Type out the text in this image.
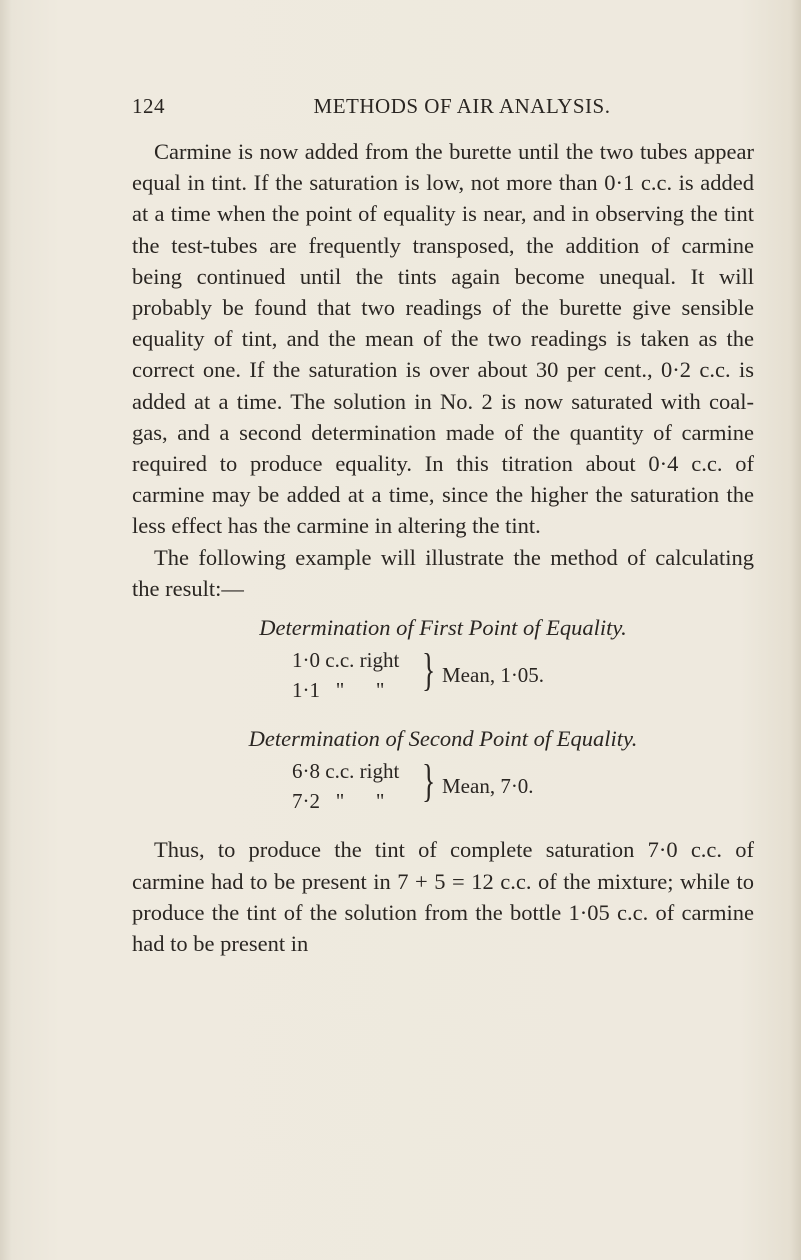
124	METHODS OF AIR ANALYSIS.

Carmine is now added from the burette until the two tubes appear equal in tint. If the saturation is low, not more than 0·1 c.c. is added at a time when the point of equality is near, and in observing the tint the test-tubes are frequently transposed, the addition of carmine being continued until the tints again become unequal. It will probably be found that two readings of the burette give sensible equality of tint, and the mean of the two readings is taken as the correct one. If the saturation is over about 30 per cent., 0·2 c.c. is added at a time. The solution in No. 2 is now saturated with coal-gas, and a second determination made of the quantity of carmine required to produce equality. In this titration about 0·4 c.c. of carmine may be added at a time, since the higher the saturation the less effect has the carmine in altering the tint.

The following example will illustrate the method of calculating the result:—

Determination of First Point of Equality.

1·0 c.c. right
1·1   "      " } Mean, 1·05.

Determination of Second Point of Equality.

6·8 c.c. right
7·2   "      " } Mean, 7·0.

Thus, to produce the tint of complete saturation 7·0 c.c. of carmine had to be present in 7 + 5 = 12 c.c. of the mixture; while to produce the tint of the solution from the bottle 1·05 c.c. of carmine had to be present in
